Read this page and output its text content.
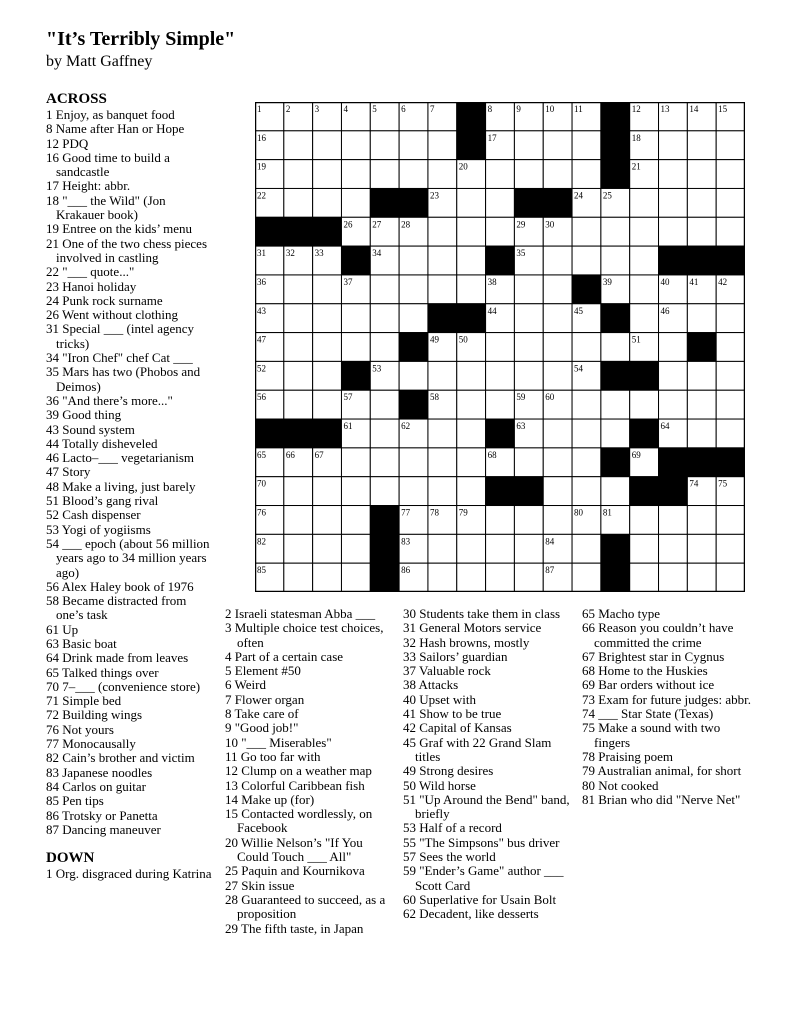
"It’s Terribly Simple"
by Matt Gaffney
1	2	3	4	5	6	7	8	9	10 11	12 13 14 15
16	17	18
19	20	21
22	23	24 25
26 27 28	29 30
31 32 33	34	35
36	37	38	39	40 41 42
43	44	45	46
47	49 50	51
52	53	54
56	57	58	59 60
61	62	63	64
65 66 67	68	69
70	74 75
76	77 78 79	80 81
82	83	84
85	86	87
ACROSS
1 Enjoy, as banquet food
8 Name after Han or Hope
12 PDQ
16 Good time to build a sandcastle
17 Height: abbr.
18 "___ the Wild" (Jon Krakauer book)
19 Entree on the kids’ menu
21 One of the two chess pieces involved in castling
22 "___ quote..."
23 Hanoi holiday
24 Punk rock surname
26 Went without clothing
31 Special ___ (intel agency tricks)
34 "Iron Chef" chef Cat ___
35 Mars has two (Phobos and Deimos)
36 "And there’s more..."
39 Good thing
43 Sound system
44 Totally disheveled
46 Lacto–___ vegetarianism
47 Story
48 Make a living, just barely
51 Blood’s gang rival
52 Cash dispenser
53 Yogi of yogiisms
54 ___ epoch (about 56 million years ago to 34 million years ago)
56 Alex Haley book of 1976
58 Became distracted from one’s task
61 Up
63 Basic boat
64 Drink made from leaves
65 Talked things over
70 7–___ (convenience store)
71 Simple bed
72 Building wings
76 Not yours
77 Monocausally
82 Cain’s brother and victim
83 Japanese noodles
84 Carlos on guitar
85 Pen tips
86 Trotsky or Panetta
87 Dancing maneuver
DOWN
1 Org. disgraced during Katrina
2 Israeli statesman Abba ___
3 Multiple choice test choices, often
4 Part of a certain case
5 Element #50
6 Weird
7 Flower organ
8 Take care of
9 "Good job!"
10 "___ Miserables"
11 Go too far with
12 Clump on a weather map
13 Colorful Caribbean fish
14 Make up (for)
15 Contacted wordlessly, on Facebook
20 Willie Nelson’s "If You Could Touch ___ All"
25 Paquin and Kournikova
27 Skin issue
28 Guaranteed to succeed, as a proposition
29 The fifth taste, in Japan
30 Students take them in class
31 General Motors service
32 Hash browns, mostly
33 Sailors’ guardian
37 Valuable rock
38 Attacks
40 Upset with
41 Show to be true
42 Capital of Kansas
45 Graf with 22 Grand Slam titles
49 Strong desires
50 Wild horse
51 "Up Around the Bend" band, briefly
53 Half of a record
55 "The Simpsons" bus driver
57 Sees the world
59 "Ender’s Game" author ___ Scott Card
60 Superlative for Usain Bolt
62 Decadent, like desserts
65 Macho type
66 Reason you couldn’t have committed the crime
67 Brightest star in Cygnus
68 Home to the Huskies
69 Bar orders without ice
73 Exam for future judges: abbr.
74 ___ Star State (Texas)
75 Make a sound with two fingers
78 Praising poem
79 Australian animal, for short
80 Not cooked
81 Brian who did "Nerve Net"
